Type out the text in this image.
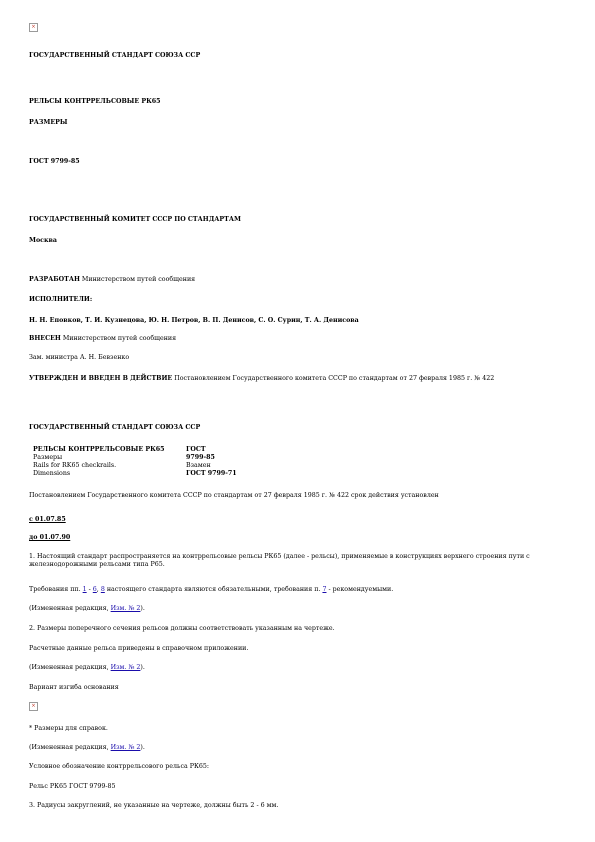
×
ГОСУДАРСТВЕННЫЙ СТАНДАРТ СОЮЗА ССР
РЕЛЬСЫ КОНТРРЕЛЬСОВЫЕ РК65
РАЗМЕРЫ
ГОСТ 9799-85
ГОСУДАРСТВЕННЫЙ КОМИТЕТ СССР ПО СТАНДАРТАМ
Москва
РАЗРАБОТАН Министерством путей сообщения
ИСПОЛНИТЕЛИ:
Н. Н. Еповков, Т. И. Кузнецова, Ю. Н. Петров, В. П. Денисов, С. О. Сурин, Т. А. Денисова
ВНЕСЕН Министерством путей сообщения
Зам. министра А. Н. Бевзенко
УТВЕРЖДЕН И ВВЕДЕН В ДЕЙСТВИЕ Постановлением Государственного комитета СССР по стандартам от 27 февраля 1985 г. № 422
ГОСУДАРСТВЕННЫЙ СТАНДАРТ СОЮЗА ССР
РЕЛЬСЫ КОНТРРЕЛЬСОВЫЕ РК65	ГОСТ
Размеры	9799-85
Rails for RK65 checkrails.	Взамен
Dimensions	ГОСТ 9799-71
Постановлением Государственного комитета СССР по стандартам от 27 февраля 1985 г. № 422 срок действия установлен
с 01.07.85
до 01.07.90
1. Настоящий стандарт распространяется на контррельсовые рельсы РК65 (далее - рельсы), применяемые в конструкциях верхнего строения пути с железнодорожными рельсами типа Р65.
Требования пп. 1 - 6, 8 настоящего стандарта являются обязательными, требования п. 7 - рекомендуемыми.
(Измененная редакция, Изм. № 2).
2. Размеры поперечного сечения рельсов должны соответствовать указанным на чертеже.
Расчетные данные рельса приведены в справочном приложении.
(Измененная редакция, Изм. № 2).
Вариант изгиба основания
×
* Размеры для справок.
(Измененная редакция, Изм. № 2).
Условное обозначение контррельсового рельса РК65:
Рельс РК65 ГОСТ 9799-85
3. Радиусы закруглений, не указанные на чертеже, должны быть 2 - 6 мм.
